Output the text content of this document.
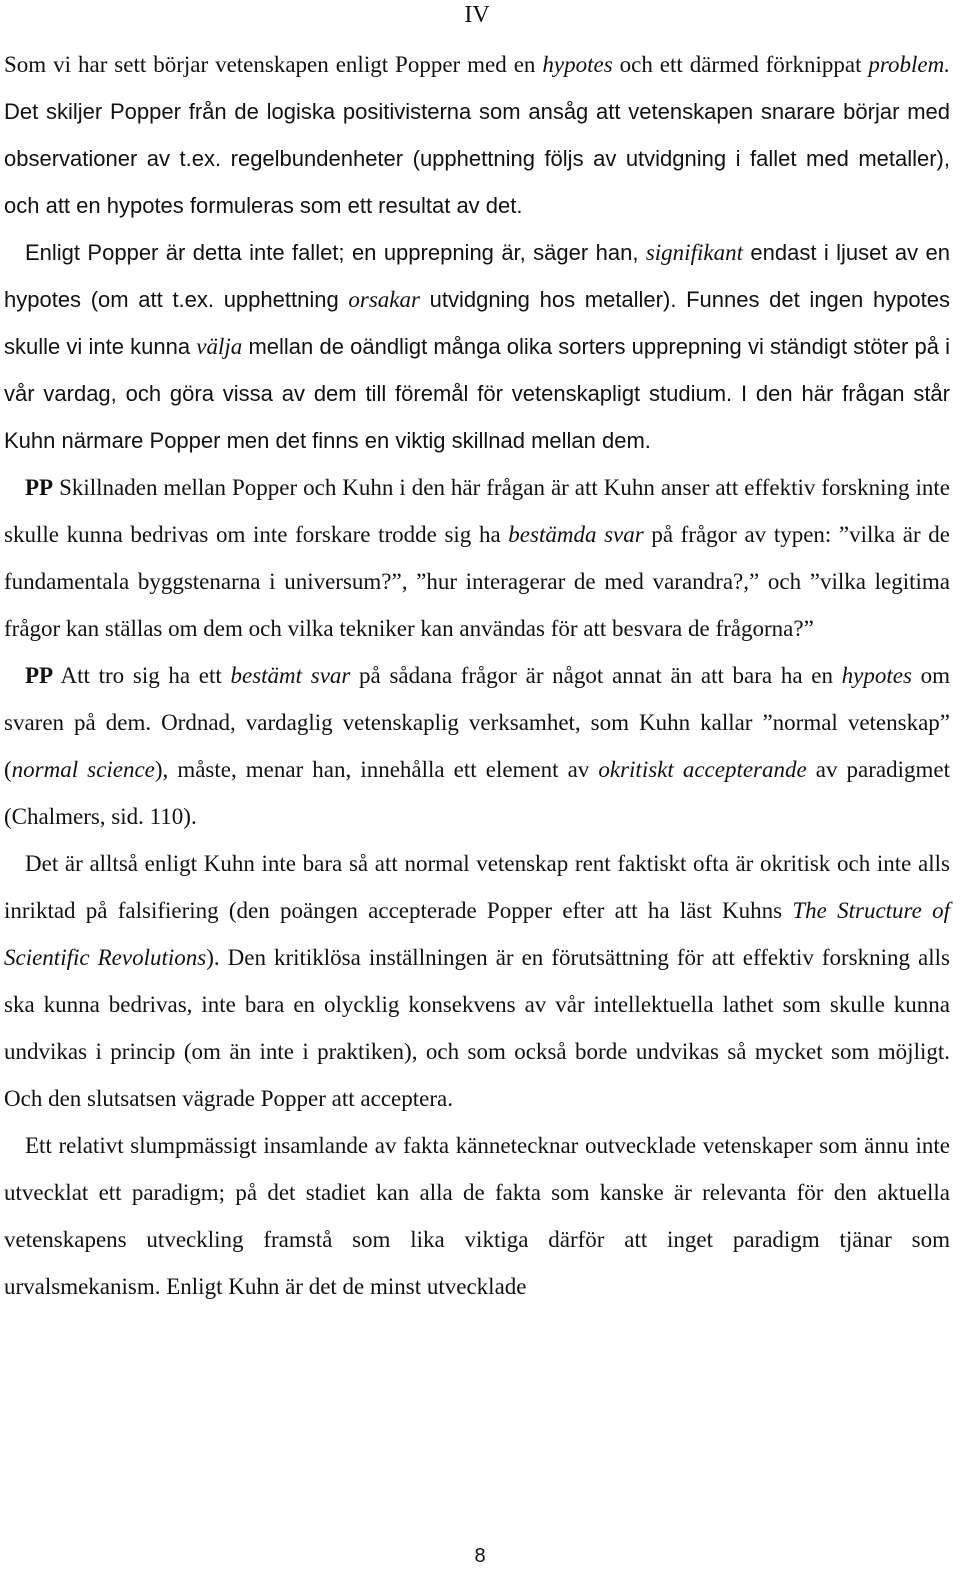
IV

Som vi har sett börjar vetenskapen enligt Popper med en hypotes och ett därmed förknippat problem. Det skiljer Popper från de logiska positivisterna som ansåg att vetenskapen snarare börjar med observationer av t.ex. regelbundenheter (upphettning följs av utvidgning i fallet med metaller), och att en hypotes formuleras som ett resultat av det.

Enligt Popper är detta inte fallet; en upprepning är, säger han, signifikant endast i ljuset av en hypotes (om att t.ex. upphettning orsakar utvidgning hos metaller). Funnes det ingen hypotes skulle vi inte kunna välja mellan de oändligt många olika sorters upprepning vi ständigt stöter på i vår vardag, och göra vissa av dem till föremål för vetenskapligt studium. I den här frågan står Kuhn närmare Popper men det finns en viktig skillnad mellan dem.

PP Skillnaden mellan Popper och Kuhn i den här frågan är att Kuhn anser att effektiv forskning inte skulle kunna bedrivas om inte forskare trodde sig ha bestämda svar på frågor av typen: ”vilka är de fundamentala byggstenarna i universum?”, ”hur interagerar de med varandra?,” och ”vilka legitima frågor kan ställas om dem och vilka tekniker kan användas för att besvara de frågorna?”

PP Att tro sig ha ett bestämt svar på sådana frågor är något annat än att bara ha en hypotes om svaren på dem. Ordnad, vardaglig vetenskaplig verksamhet, som Kuhn kallar ”normal vetenskap” (normal science), måste, menar han, innehålla ett element av okritiskt accepterande av paradigmet (Chalmers, sid. 110).

Det är alltså enligt Kuhn inte bara så att normal vetenskap rent faktiskt ofta är okritisk och inte alls inriktad på falsifiering (den poängen accepterade Popper efter att ha läst Kuhns The Structure of Scientific Revolutions). Den kritiklösa inställningen är en förutsättning för att effektiv forskning alls ska kunna bedrivas, inte bara en olycklig konsekvens av vår intellektuella lathet som skulle kunna undvikas i princip (om än inte i praktiken), och som också borde undvikas så mycket som möjligt. Och den slutsatsen vägrade Popper att acceptera.

Ett relativt slumpmässigt insamlande av fakta kännetecknar outvecklade vetenskaper som ännu inte utvecklat ett paradigm; på det stadiet kan alla de fakta som kanske är relevanta för den aktuella vetenskapens utveckling framstå som lika viktiga därför att inget paradigm tjänar som urvalsmekanism. Enligt Kuhn är det de minst utvecklade

8
